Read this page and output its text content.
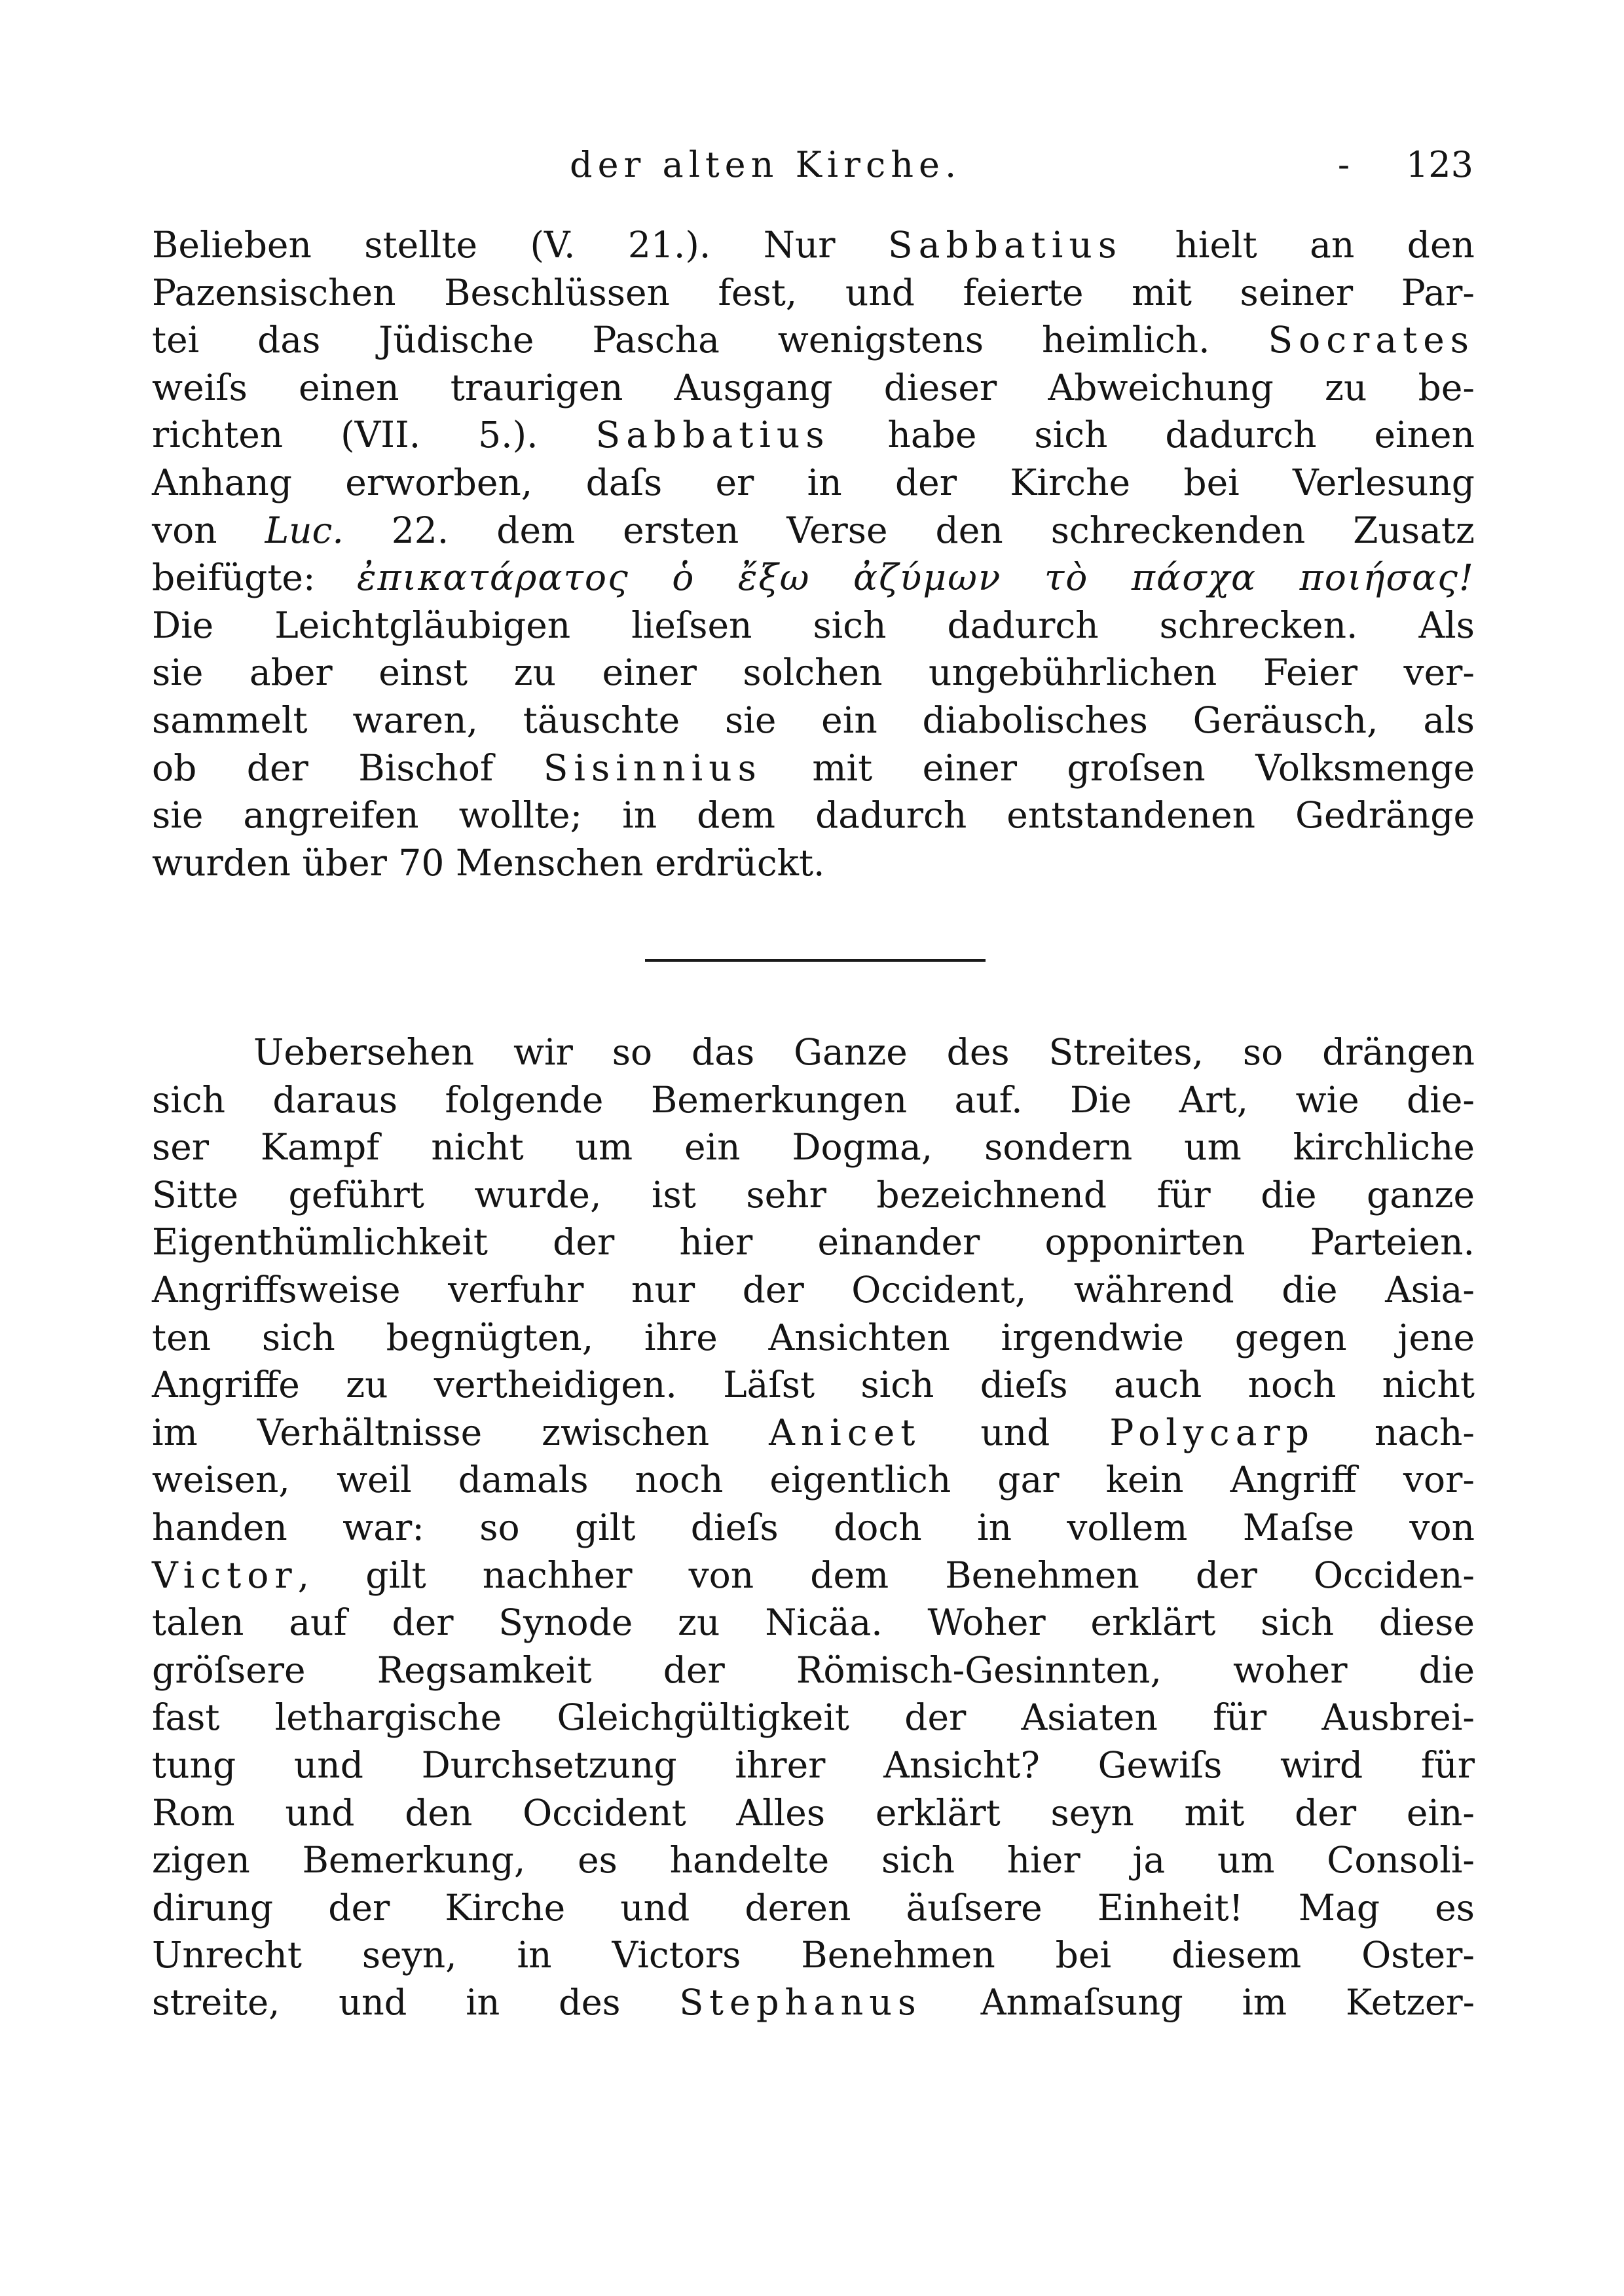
der alten Kirche.	- 123
Belieben stellte (V. 21.). Nur Sabbatius hielt an den
Pazensischen Beschlüssen fest, und feierte mit seiner Par-
tei das Jüdische Pascha wenigstens heimlich. Socrates
weiſs einen traurigen Ausgang dieser Abweichung zu be-
richten (VII. 5.). Sabbatius habe sich dadurch einen
Anhang erworben, daſs er in der Kirche bei Verlesung
von Luc. 22. dem ersten Verse den schreckenden Zusatz
beifügte: ἐπικατάρατος ὁ ἔξω ἀζύμων τὸ πάσχα ποιήσας!
Die Leichtgläubigen lieſsen sich dadurch schrecken. Als
sie aber einst zu einer solchen ungebührlichen Feier ver-
sammelt waren, täuschte sie ein diabolisches Geräusch, als
ob der Bischof Sisinnius mit einer groſsen Volksmenge
sie angreifen wollte; in dem dadurch entstandenen Gedränge
wurden über 70 Menschen erdrückt.
Uebersehen wir so das Ganze des Streites, so drängen
sich daraus folgende Bemerkungen auf. Die Art, wie die-
ser Kampf nicht um ein Dogma, sondern um kirchliche
Sitte geführt wurde, ist sehr bezeichnend für die ganze
Eigenthümlichkeit der hier einander opponirten Parteien.
Angriffsweise verfuhr nur der Occident, während die Asia-
ten sich begnügten, ihre Ansichten irgendwie gegen jene
Angriffe zu vertheidigen. Läſst sich dieſs auch noch nicht
im Verhältnisse zwischen Anicet und Polycarp nach-
weisen, weil damals noch eigentlich gar kein Angriff vor-
handen war: so gilt dieſs doch in vollem Maſse von
Victor, gilt nachher von dem Benehmen der Occiden-
talen auf der Synode zu Nicäa. Woher erklärt sich diese
gröſsere Regsamkeit der Römisch-Gesinnten, woher die
fast lethargische Gleichgültigkeit der Asiaten für Ausbrei-
tung und Durchsetzung ihrer Ansicht? Gewiſs wird für
Rom und den Occident Alles erklärt seyn mit der ein-
zigen Bemerkung, es handelte sich hier ja um Consoli-
dirung der Kirche und deren äuſsere Einheit! Mag es
Unrecht seyn, in Victors Benehmen bei diesem Oster-
streite, und in des Stephanus Anmaſsung im Ketzer-
